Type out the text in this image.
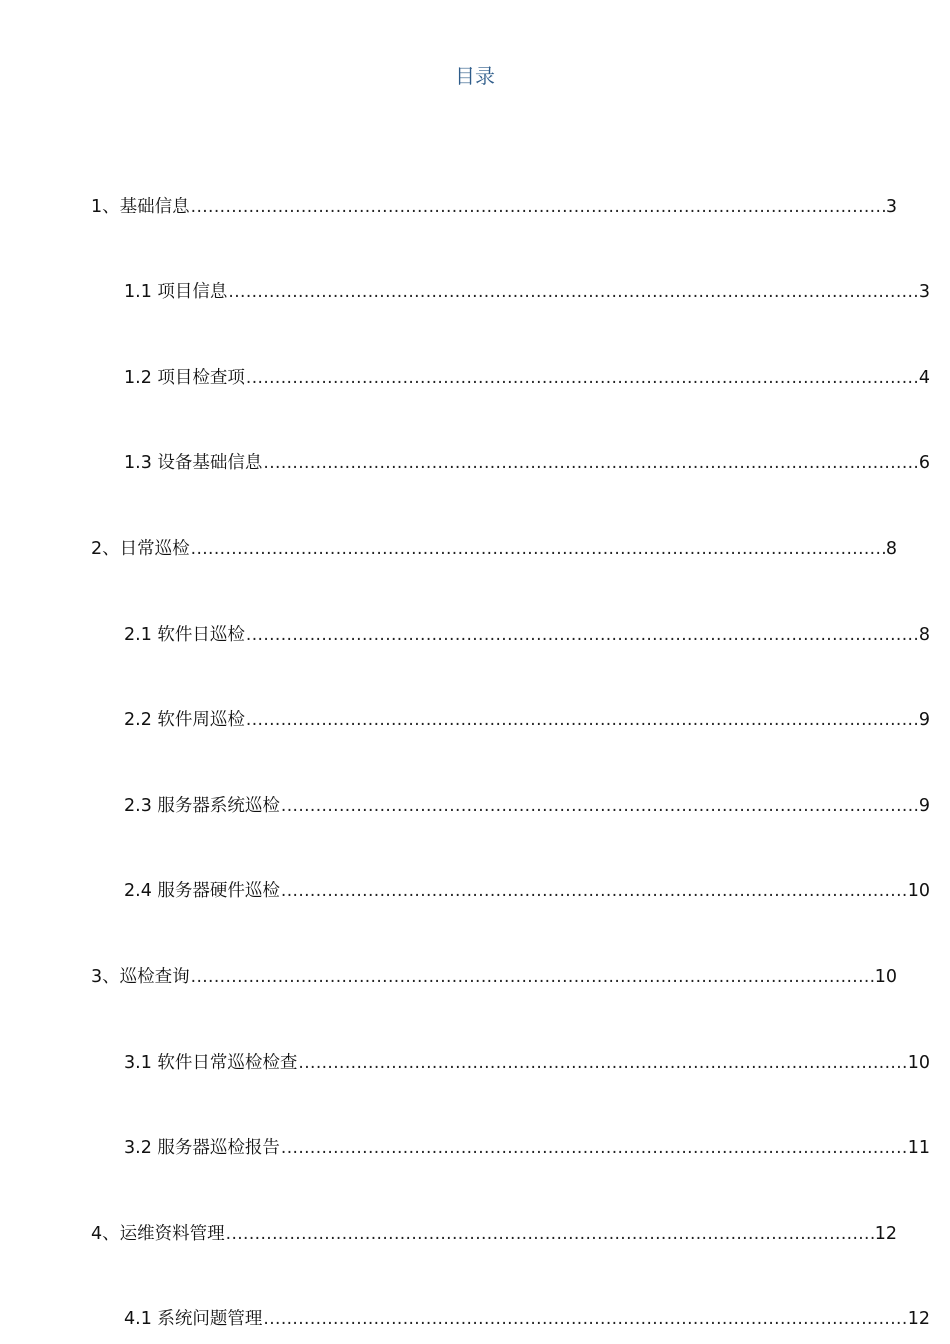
目录
1、基础信息 .....	3
1.1 项目信息 .....	3
1.2 项目检查项 .....	4
1.3 设备基础信息 .....	6
2、日常巡检 .....	8
2.1 软件日巡检 .....	8
2.2 软件周巡检 .....	9
2.3 服务器系统巡检 .....	9
2.4 服务器硬件巡检 .....	10
3、巡检查询 .....	10
3.1 软件日常巡检检查 .....	10
3.2 服务器巡检报告 .....	11
4、运维资料管理 .....	12
4.1 系统问题管理 .....	12
